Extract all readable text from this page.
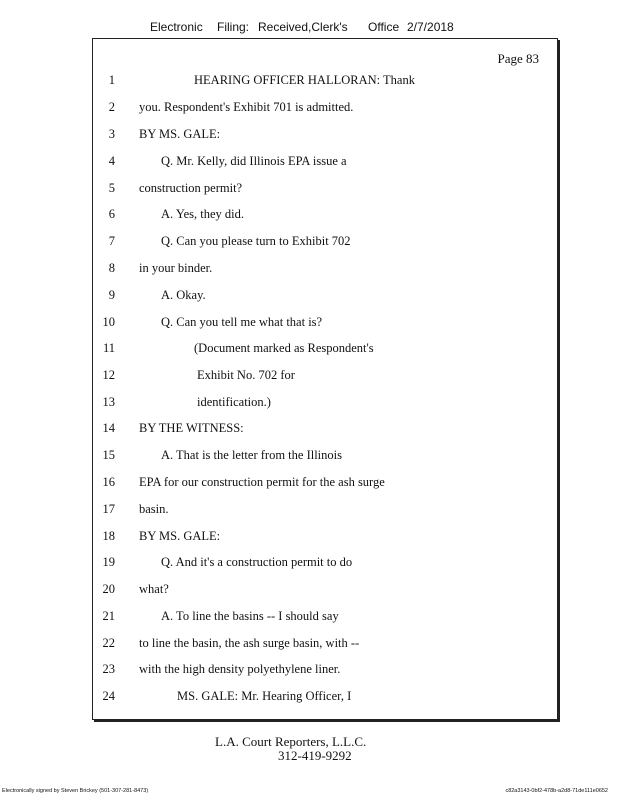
Electronic Filing: Received,Clerk's Office 2/7/2018
Page 83
1	HEARING OFFICER HALLORAN: Thank
2 you. Respondent's Exhibit 701 is admitted.
3 BY MS. GALE:
4	Q. Mr. Kelly, did Illinois EPA issue a
5 construction permit?
6	A. Yes, they did.
7	Q. Can you please turn to Exhibit 702
8 in your binder.
9	A. Okay.
10	Q. Can you tell me what that is?
11	(Document marked as Respondent's
12	Exhibit No. 702 for
13	identification.)
14 BY THE WITNESS:
15	A. That is the letter from the Illinois
16 EPA for our construction permit for the ash surge
17 basin.
18 BY MS. GALE:
19	Q. And it's a construction permit to do
20 what?
21	A. To line the basins -- I should say
22 to line the basin, the ash surge basin, with --
23 with the high density polyethylene liner.
24	MS. GALE: Mr. Hearing Officer, I
L.A. Court Reporters, L.L.C.
312-419-9292
Electronically signed by Steven Brickey (501-307-281-8473)	c82a3143-0bf2-478b-a2d8-71de111e0652
